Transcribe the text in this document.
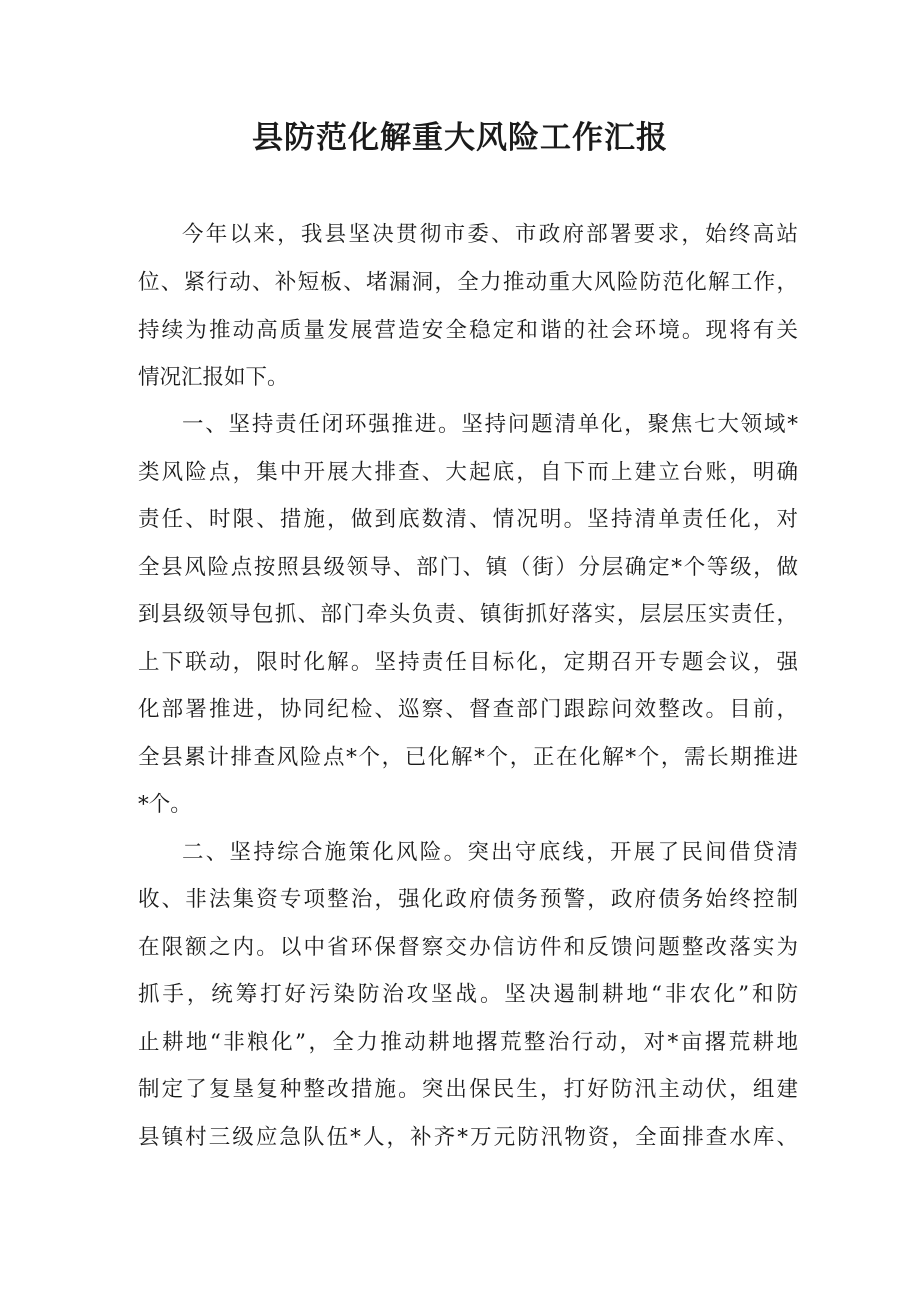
县防范化解重大风险工作汇报
今年以来，我县坚决贯彻市委、市政府部署要求，始终高站
位、紧行动、补短板、堵漏洞，全力推动重大风险防范化解工作，
持续为推动高质量发展营造安全稳定和谐的社会环境。现将有关
情况汇报如下。
一、坚持责任闭环强推进。坚持问题清单化，聚焦七大领域*
类风险点，集中开展大排查、大起底，自下而上建立台账，明确
责任、时限、措施，做到底数清、情况明。坚持清单责任化，对
全县风险点按照县级领导、部门、镇（街）分层确定*个等级，做
到县级领导包抓、部门牵头负责、镇街抓好落实，层层压实责任，
上下联动，限时化解。坚持责任目标化，定期召开专题会议，强
化部署推进，协同纪检、巡察、督查部门跟踪问效整改。目前，
全县累计排查风险点*个，已化解*个，正在化解*个，需长期推进
*个。
二、坚持综合施策化风险。突出守底线，开展了民间借贷清
收、非法集资专项整治，强化政府债务预警，政府债务始终控制
在限额之内。以中省环保督察交办信访件和反馈问题整改落实为
抓手，统筹打好污染防治攻坚战。坚决遏制耕地“非农化”和防
止耕地“非粮化”，全力推动耕地撂荒整治行动，对*亩撂荒耕地
制定了复垦复种整改措施。突出保民生，打好防汛主动伏，组建
县镇村三级应急队伍*人，补齐*万元防汛物资，全面排查水库、
